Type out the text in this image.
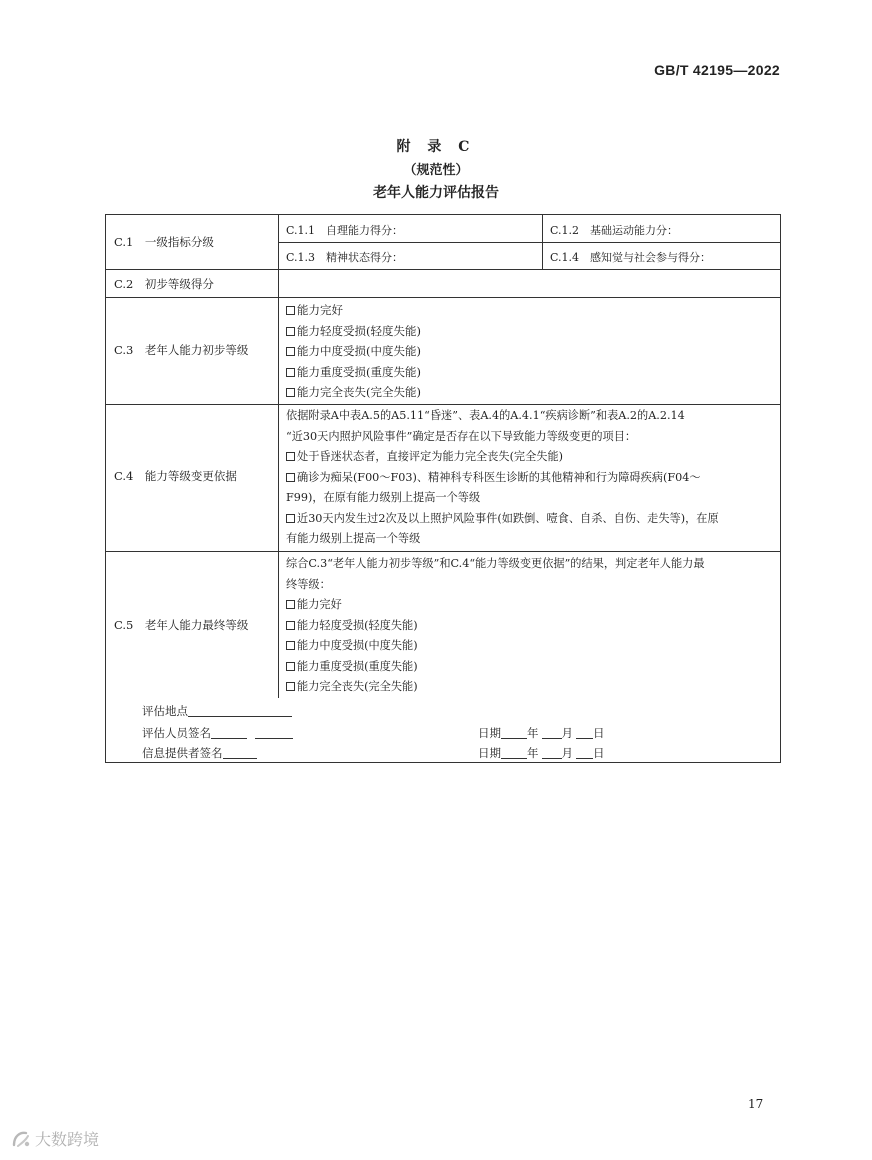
GB/T 42195—2022
附 录 C
（规范性）
老年人能力评估报告
C.1　一级指标分级
C.1.1　自理能力得分：	C.1.2　基础运动能力分：
C.1.3　精神状态得分：	C.1.4　感知觉与社会参与得分：
C.2　初步等级得分
C.3　老年人能力初步等级
能力完好
能力轻度受损(轻度失能)
能力中度受损(中度失能)
能力重度受损(重度失能)
能力完全丧失(完全失能)
C.4　能力等级变更依据
依据附录A中表A.5的A5.11“昏迷”、表A.4的A.4.1“疾病诊断”和表A.2的A.2.14
“近30天内照护风险事件”确定是否存在以下导致能力等级变更的项目：
处于昏迷状态者，直接评定为能力完全丧失(完全失能)
确诊为痴呆(F00～F03)、精神科专科医生诊断的其他精神和行为障碍疾病(F04～
F99)，在原有能力级别上提高一个等级
近30天内发生过2次及以上照护风险事件(如跌倒、噎食、自杀、自伤、走失等)，在原
有能力级别上提高一个等级
C.5　老年人能力最终等级
综合C.3“老年人能力初步等级”和C.4“能力等级变更依据”的结果，判定老年人能力最
终等级：
能力完好
能力轻度受损(轻度失能)
能力中度受损(中度失能)
能力重度受损(重度失能)
能力完全丧失(完全失能)
评估地点
评估人员签名
信息提供者签名
日期 年 月 日
日期 年 月 日
17
大数跨境
